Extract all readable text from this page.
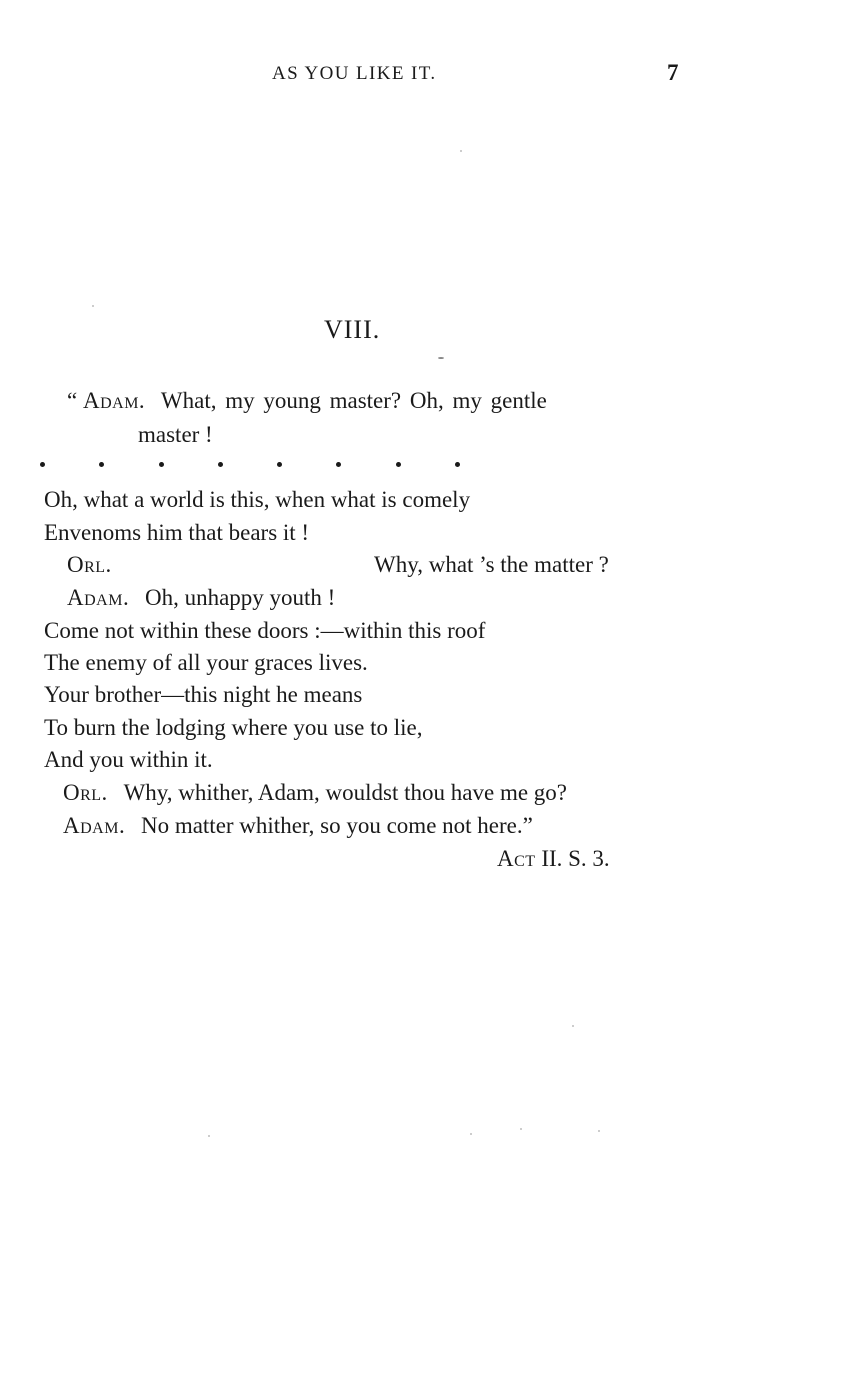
AS YOU LIKE IT.	7
VIII.
“ Adam. What, my young master? Oh, my gentle
master !
Oh, what a world is this, when what is comely
Envenoms him that bears it !
Orl.	Why, what ’s the matter ?
Adam. Oh, unhappy youth !
Come not within these doors :—within this roof
The enemy of all your graces lives.
Your brother—this night he means
To burn the lodging where you use to lie,
And you within it.
Orl. Why, whither, Adam, wouldst thou have me go?
Adam. No matter whither, so you come not here.”
Act II. S. 3.
